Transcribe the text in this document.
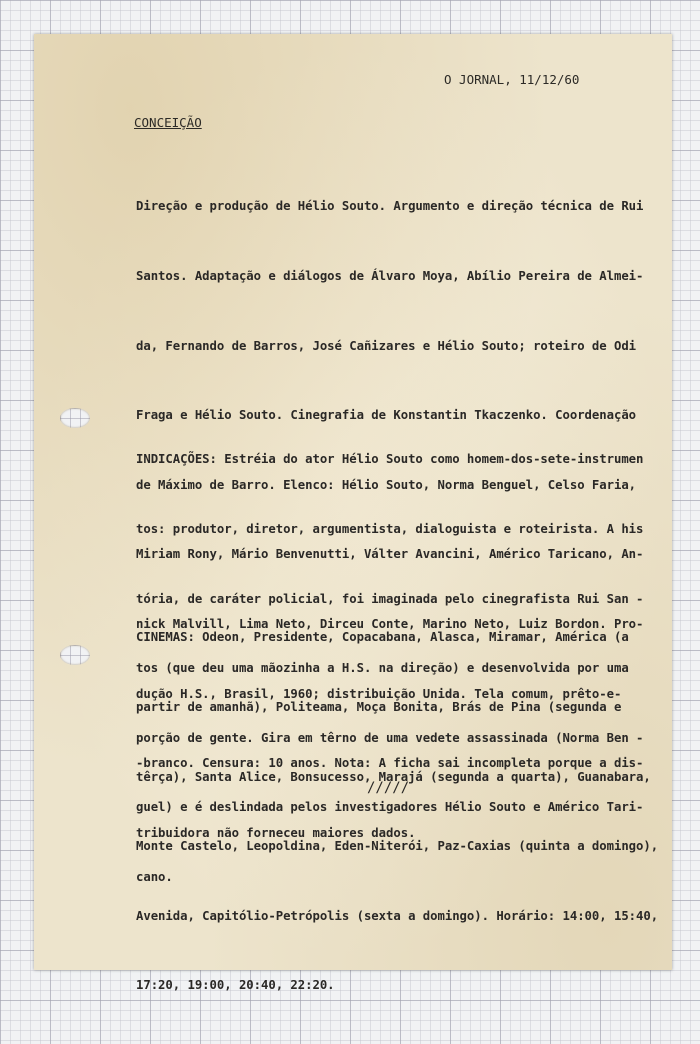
O JORNAL, 11/12/60
CONCEIÇÃO

Direção e produção de Hélio Souto. Argumento e direção técnica de Rui

Santos. Adaptação e diálogos de Álvaro Moya, Abílio Pereira de Almei-

da, Fernando de Barros, José Cañizares e Hélio Souto; roteiro de Odi

Fraga e Hélio Souto. Cinegrafia de Konstantin Tkaczenko. Coordenação

de Máximo de Barro. Elenco: Hélio Souto, Norma Benguel, Celso Faria,

Miriam Rony, Mário Benvenutti, Válter Avancini, Américo Taricano, An-

nick Malvill, Lima Neto, Dirceu Conte, Marino Neto, Luiz Bordon. Pro-

dução H.S., Brasil, 1960; distribuição Unida. Tela comum, prêto-e-

-branco. Censura: 10 anos. Nota: A ficha sai incompleta porque a dis-

tribuidora não forneceu maiores dados.

INDICAÇÕES: Estréia do ator Hélio Souto como homem-dos-sete-instrumen

tos: produtor, diretor, argumentista, dialoguista e roteirista. A his

tória, de caráter policial, foi imaginada pelo cinegrafista Rui San -

tos (que deu uma mãozinha a H.S. na direção) e desenvolvida por uma

porção de gente. Gira em têrno de uma vedete assassinada (Norma Ben -

guel) e é deslindada pelos investigadores Hélio Souto e Américo Tari-

cano.

CINEMAS: Odeon, Presidente, Copacabana, Alasca, Miramar, América (a

partir de amanhã), Politeama, Moça Bonita, Brás de Pina (segunda e

têrça), Santa Alice, Bonsucesso, Marajá (segunda a quarta), Guanabara,

Monte Castelo, Leopoldina, Eden-Niterói, Paz-Caxias (quinta a domingo),

Avenida, Capitólio-Petrópolis (sexta a domingo). Horário: 14:00, 15:40,

17:20, 19:00, 20:40, 22:20.

/////
